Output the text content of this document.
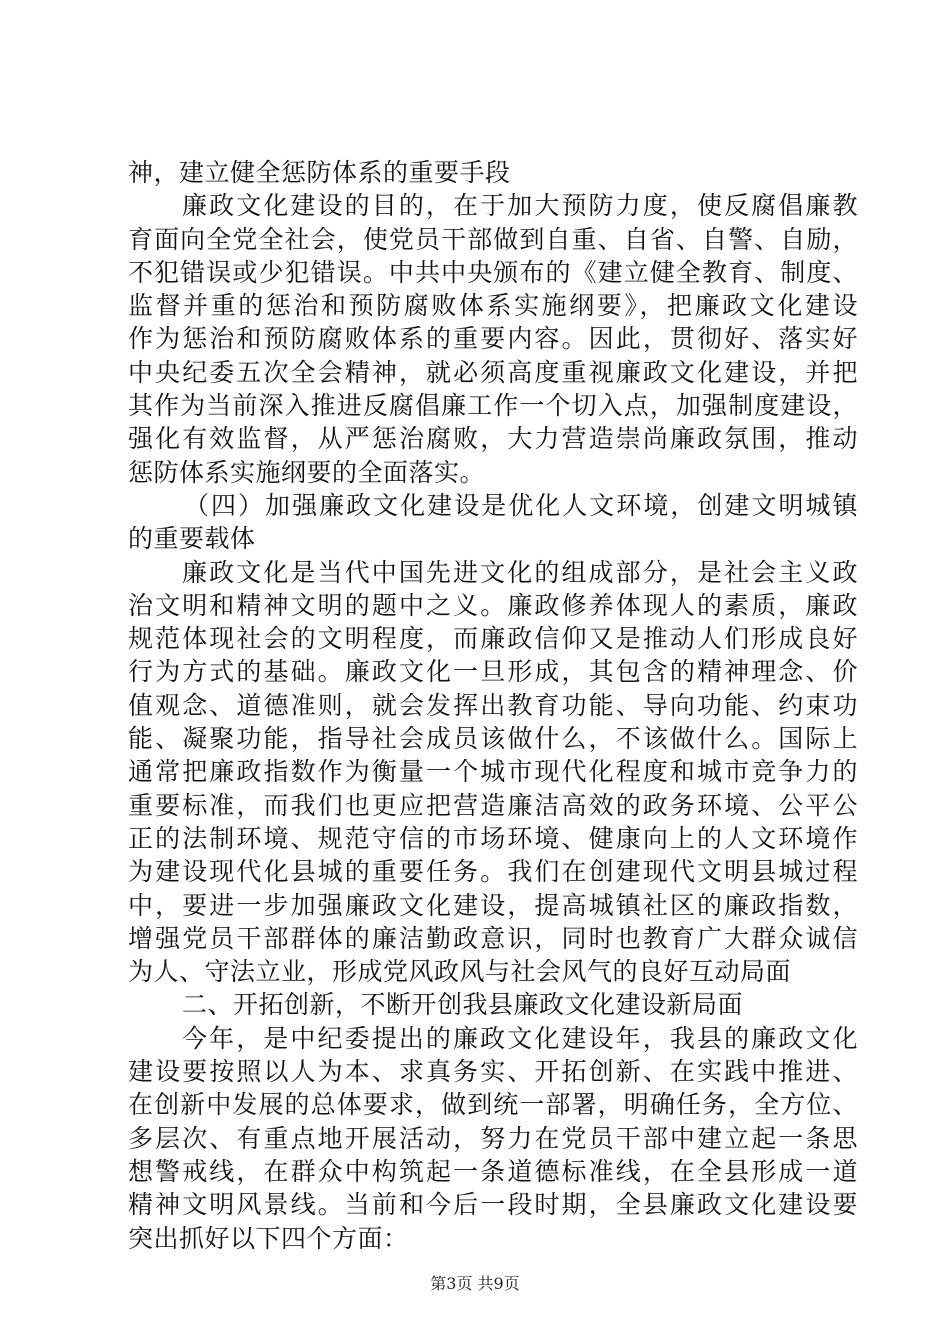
神，建立健全惩防体系的重要手段
廉政文化建设的目的，在于加大预防力度，使反腐倡廉教
育面向全党全社会，使党员干部做到自重、自省、自警、自励，
不犯错误或少犯错误。中共中央颁布的《建立健全教育、制度、
监督并重的惩治和预防腐败体系实施纲要》，把廉政文化建设
作为惩治和预防腐败体系的重要内容。因此，贯彻好、落实好
中央纪委五次全会精神，就必须高度重视廉政文化建设，并把
其作为当前深入推进反腐倡廉工作一个切入点，加强制度建设，
强化有效监督，从严惩治腐败，大力营造崇尚廉政氛围，推动
惩防体系实施纲要的全面落实。
（四）加强廉政文化建设是优化人文环境，创建文明城镇
的重要载体
廉政文化是当代中国先进文化的组成部分，是社会主义政
治文明和精神文明的题中之义。廉政修养体现人的素质，廉政
规范体现社会的文明程度，而廉政信仰又是推动人们形成良好
行为方式的基础。廉政文化一旦形成，其包含的精神理念、价
值观念、道德准则，就会发挥出教育功能、导向功能、约束功
能、凝聚功能，指导社会成员该做什么，不该做什么。国际上
通常把廉政指数作为衡量一个城市现代化程度和城市竞争力的
重要标准，而我们也更应把营造廉洁高效的政务环境、公平公
正的法制环境、规范守信的市场环境、健康向上的人文环境作
为建设现代化县城的重要任务。我们在创建现代文明县城过程
中，要进一步加强廉政文化建设，提高城镇社区的廉政指数，
增强党员干部群体的廉洁勤政意识，同时也教育广大群众诚信
为人、守法立业，形成党风政风与社会风气的良好互动局面
二、开拓创新，不断开创我县廉政文化建设新局面
今年，是中纪委提出的廉政文化建设年，我县的廉政文化
建设要按照以人为本、求真务实、开拓创新、在实践中推进、
在创新中发展的总体要求，做到统一部署，明确任务，全方位、
多层次、有重点地开展活动，努力在党员干部中建立起一条思
想警戒线，在群众中构筑起一条道德标准线，在全县形成一道
精神文明风景线。当前和今后一段时期，全县廉政文化建设要
突出抓好以下四个方面：
第3页 共9页
